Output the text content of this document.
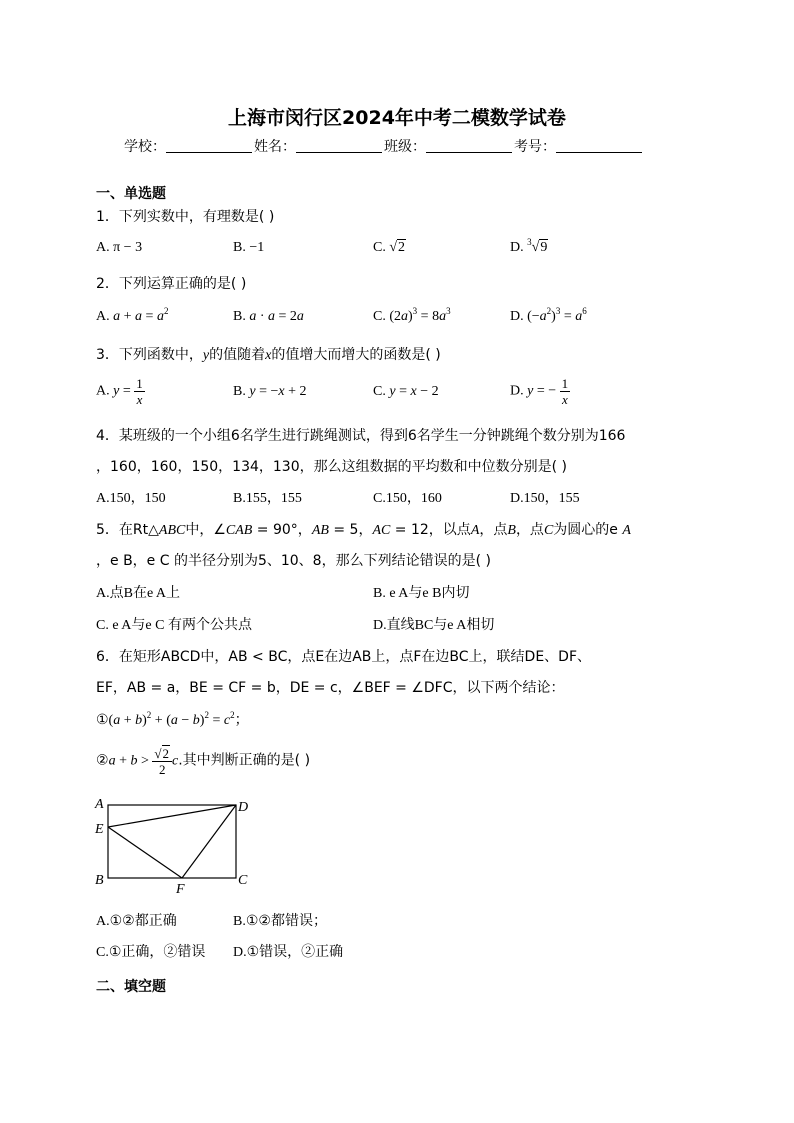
上海市闵行区2024年中考二模数学试卷
学校：	姓名：	班级：	考号：
一、单选题
1．下列实数中，有理数是( )
A. π − 3	B. −1	C. √2	D. $^3$√9
2．下列运算正确的是( )
A. $a + a = a^2$	B. a · a = 2a	C. $(2a)^3 = 8a^3$	D. $(-a^2)^3 = a^6$
3．下列函数中，y的值随着x的值增大而增大的函数是( )
A. $y = \frac{1}{x}$	B. y = −x + 2	C. y = x − 2	D. y = − $\frac{1}{x}$
4．某班级的一个小组6名学生进行跳绳测试，得到6名学生一分钟跳绳个数分别为166
，160，160，150，134，130，那么这组数据的平均数和中位数分别是( )
A.150，150	B.155，155	C.150，160	D.150，155
5．在Rt△ABC中，∠CAB = 90°，AB = 5，AC = 12，以点A，点B，点C为圆心的e A
，e B，e C 的半径分别为5、10、8，那么下列结论错误的是( )
A.点B在e A上	B. e A与e B内切
C. e A与e C 有两个公共点	D.直线BC与e A相切
6．在矩形ABCD中，AB < BC，点E在边AB上，点F在边BC上，联结DE、DF、
EF，AB = a，BE = CF = b，DE = c，∠BEF = ∠DFC，以下两个结论：
①(a + $b)^2 + (a - b)^2 = c^2$；
②a + $b > \frac{√2}{2} c$.其中判断正确的是( )
A
E
B
D
C
F
A.①②都正确	B.①②都错误；
C.①正确，②错误 D.①错误，②正确
二、填空题
